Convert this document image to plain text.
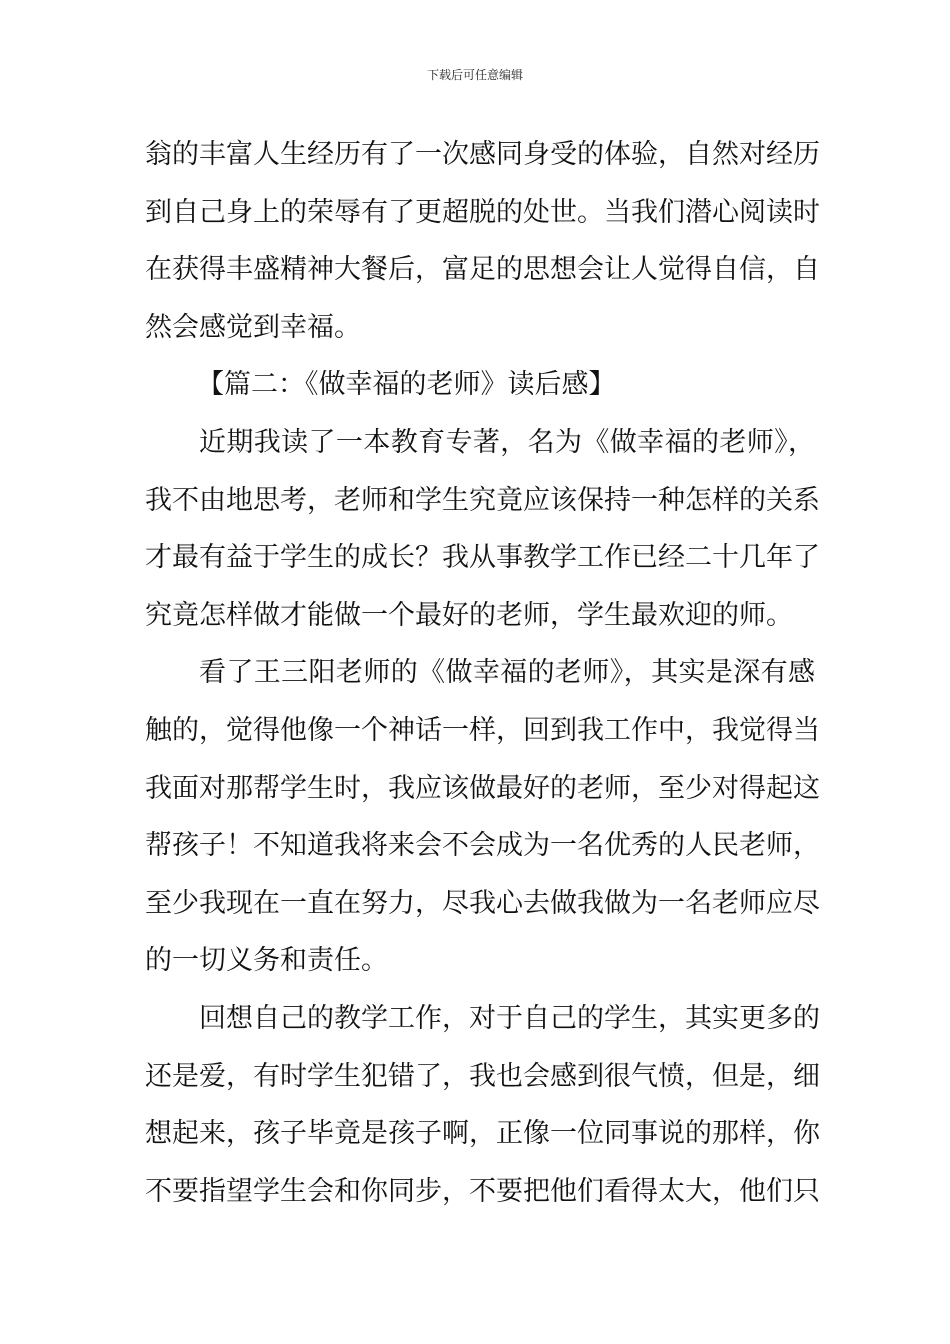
下载后可任意编辑
翁的丰富人生经历有了一次感同身受的体验，自然对经历
到自己身上的荣辱有了更超脱的处世。当我们潜心阅读时
在获得丰盛精神大餐后，富足的思想会让人觉得自信，自
然会感觉到幸福。
【篇二：《做幸福的老师》读后感】
近期我读了一本教育专著，名为《做幸福的老师》，
我不由地思考，老师和学生究竟应该保持一种怎样的关系
才最有益于学生的成长？我从事教学工作已经二十几年了
究竟怎样做才能做一个最好的老师，学生最欢迎的师。
看了王三阳老师的《做幸福的老师》，其实是深有感
触的，觉得他像一个神话一样，回到我工作中，我觉得当
我面对那帮学生时，我应该做最好的老师，至少对得起这
帮孩子！不知道我将来会不会成为一名优秀的人民老师，
至少我现在一直在努力，尽我心去做我做为一名老师应尽
的一切义务和责任。
回想自己的教学工作，对于自己的学生，其实更多的
还是爱，有时学生犯错了，我也会感到很气愤，但是，细
想起来，孩子毕竟是孩子啊，正像一位同事说的那样，你
不要指望学生会和你同步，不要把他们看得太大，他们只
